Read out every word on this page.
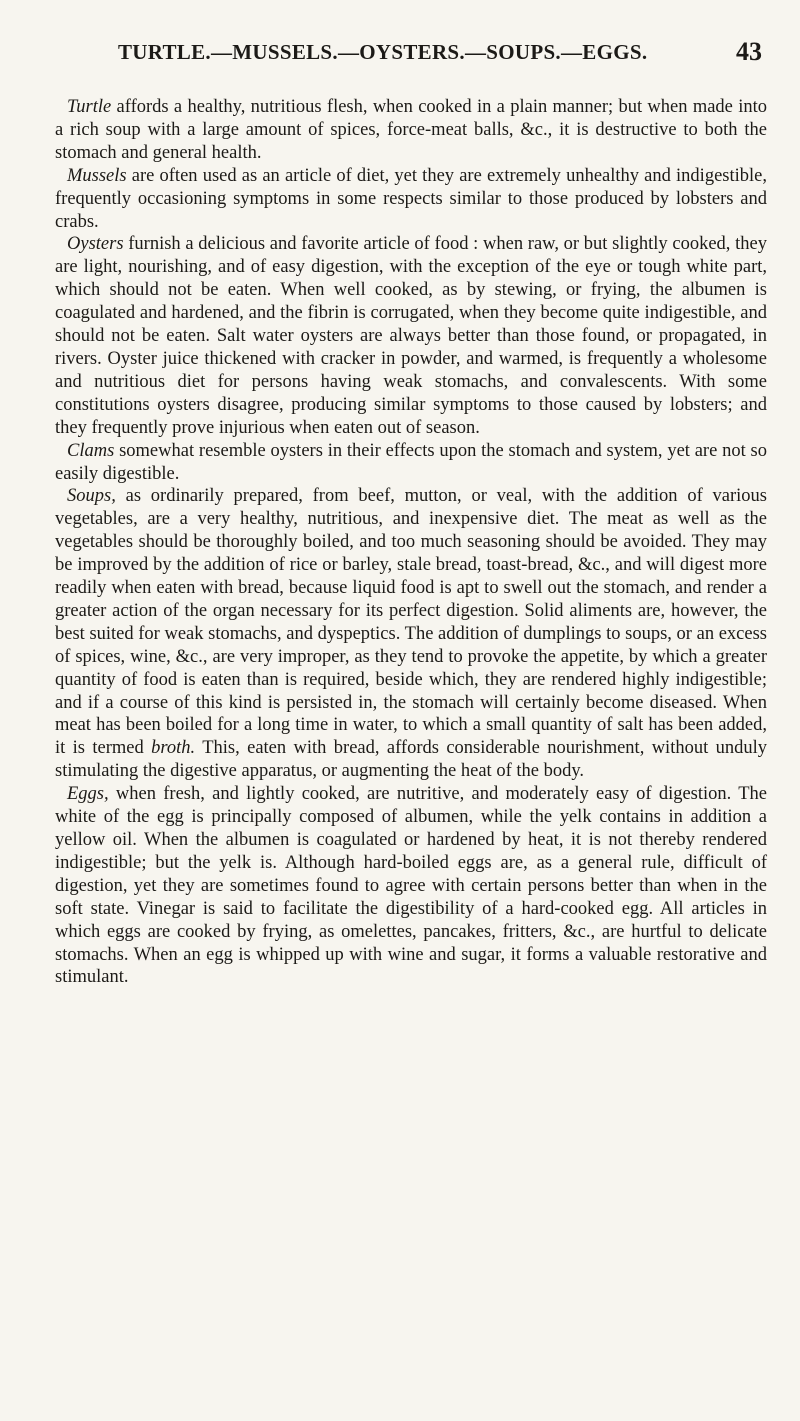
TURTLE.—MUSSELS.—OYSTERS.—SOUPS.—EGGS.	43

Turtle affords a healthy, nutritious flesh, when cooked in a plain manner; but when made into a rich soup with a large amount of spices, force-meat balls, &c., it is destructive to both the stomach and general health.

Mussels are often used as an article of diet, yet they are extremely unhealthy and indigestible, frequently occasioning symptoms in some respects similar to those produced by lobsters and crabs.

Oysters furnish a delicious and favorite article of food : when raw, or but slightly cooked, they are light, nourishing, and of easy digestion, with the exception of the eye or tough white part, which should not be eaten. When well cooked, as by stewing, or frying, the albumen is coagulated and hardened, and the fibrin is corrugated, when they become quite indigestible, and should not be eaten. Salt water oysters are always better than those found, or propagated, in rivers. Oyster juice thickened with cracker in powder, and warmed, is frequently a wholesome and nutritious diet for persons having weak stomachs, and convalescents. With some constitutions oysters disagree, producing similar symptoms to those caused by lobsters; and they frequently prove injurious when eaten out of season.

Clams somewhat resemble oysters in their effects upon the stomach and system, yet are not so easily digestible.

Soups, as ordinarily prepared, from beef, mutton, or veal, with the addition of various vegetables, are a very healthy, nutritious, and inexpensive diet. The meat as well as the vegetables should be thoroughly boiled, and too much seasoning should be avoided. They may be improved by the addition of rice or barley, stale bread, toast-bread, &c., and will digest more readily when eaten with bread, because liquid food is apt to swell out the stomach, and render a greater action of the organ necessary for its perfect digestion. Solid aliments are, however, the best suited for weak stomachs, and dyspeptics. The addition of dumplings to soups, or an excess of spices, wine, &c., are very improper, as they tend to provoke the appetite, by which a greater quantity of food is eaten than is required, beside which, they are rendered highly indigestible; and if a course of this kind is persisted in, the stomach will certainly become diseased. When meat has been boiled for a long time in water, to which a small quantity of salt has been added, it is termed broth. This, eaten with bread, affords considerable nourishment, without unduly stimulating the digestive apparatus, or augmenting the heat of the body.

Eggs, when fresh, and lightly cooked, are nutritive, and moderately easy of digestion. The white of the egg is principally composed of albumen, while the yelk contains in addition a yellow oil. When the albumen is coagulated or hardened by heat, it is not thereby rendered indigestible; but the yelk is. Although hard-boiled eggs are, as a general rule, difficult of digestion, yet they are sometimes found to agree with certain persons better than when in the soft state. Vinegar is said to facilitate the digestibility of a hard-cooked egg. All articles in which eggs are cooked by frying, as omelettes, pancakes, fritters, &c., are hurtful to delicate stomachs. When an egg is whipped up with wine and sugar, it forms a valuable restorative and stimulant.
